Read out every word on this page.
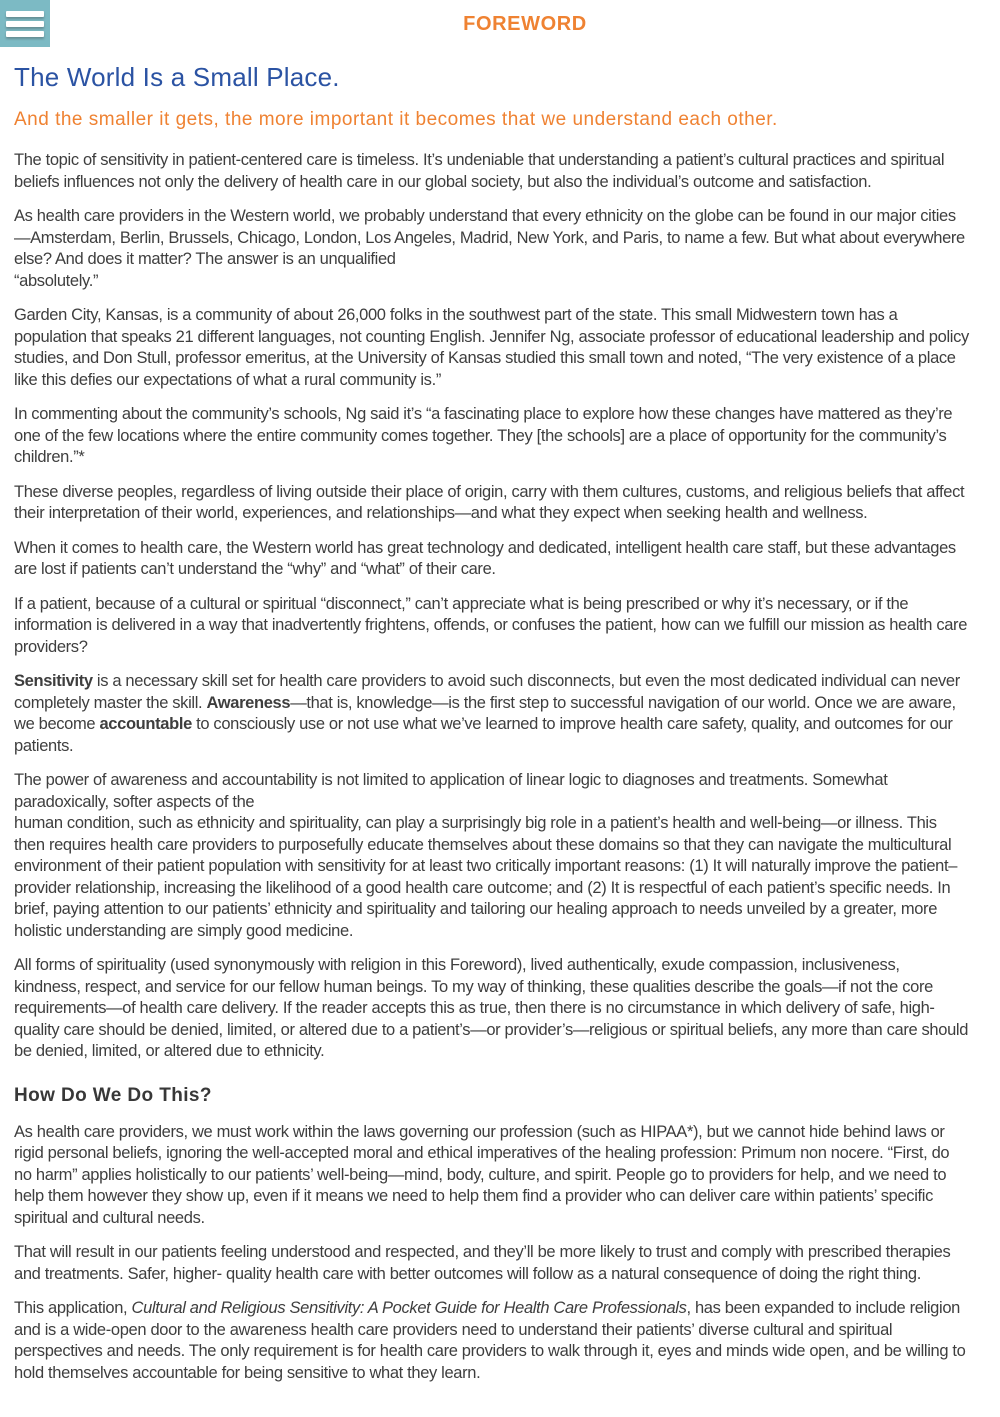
FOREWORD
The World Is a Small Place.
And the smaller it gets, the more important it becomes that we understand each other.

The topic of sensitivity in patient-centered care is timeless. It’s undeniable that understanding a patient’s cultural practices and spiritual beliefs influences not only the delivery of health care in our global society, but also the individual’s outcome and satisfaction.

As health care providers in the Western world, we probably understand that every ethnicity on the globe can be found in our major cities—Amsterdam, Berlin, Brussels, Chicago, London, Los Angeles, Madrid, New York, and Paris, to name a few. But what about everywhere else? And does it matter? The answer is an unqualified
“absolutely.”

Garden City, Kansas, is a community of about 26,000 folks in the southwest part of the state. This small Midwestern town has a population that speaks 21 different languages, not counting English. Jennifer Ng, associate professor of educational leadership and policy studies, and Don Stull, professor emeritus, at the University of Kansas studied this small town and noted, “The very existence of a place like this defies our expectations of what a rural community is.”

In commenting about the community’s schools, Ng said it’s “a fascinating place to explore how these changes have mattered as they’re one of the few locations where the entire community comes together. They [the schools] are a place of opportunity for the community’s children.”*

These diverse peoples, regardless of living outside their place of origin, carry with them cultures, customs, and religious beliefs that affect their interpretation of their world, experiences, and relationships—and what they expect when seeking health and wellness.

When it comes to health care, the Western world has great technology and dedicated, intelligent health care staff, but these advantages are lost if patients can’t understand the “why” and “what” of their care.

If a patient, because of a cultural or spiritual “disconnect,” can’t appreciate what is being prescribed or why it’s necessary, or if the information is delivered in a way that inadvertently frightens, offends, or confuses the patient, how can we fulfill our mission as health care providers?

Sensitivity is a necessary skill set for health care providers to avoid such disconnects, but even the most dedicated individual can never completely master the skill. Awareness—that is, knowledge—is the first step to successful navigation of our world. Once we are aware, we become accountable to consciously use or not use what we’ve learned to improve health care safety, quality, and outcomes for our patients.

The power of awareness and accountability is not limited to application of linear logic to diagnoses and treatments. Somewhat paradoxically, softer aspects of the
human condition, such as ethnicity and spirituality, can play a surprisingly big role in a patient’s health and well-being—or illness. This then requires health care providers to purposefully educate themselves about these domains so that they can navigate the multicultural environment of their patient population with sensitivity for at least two critically important reasons: (1) It will naturally improve the patient–provider relationship, increasing the likelihood of a good health care outcome; and (2) It is respectful of each patient’s specific needs. In brief, paying attention to our patients’ ethnicity and spirituality and tailoring our healing approach to needs unveiled by a greater, more holistic understanding are simply good medicine.

All forms of spirituality (used synonymously with religion in this Foreword), lived authentically, exude compassion, inclusiveness, kindness, respect, and service for our fellow human beings. To my way of thinking, these qualities describe the goals—if not the core requirements—of health care delivery. If the reader accepts this as true, then there is no circumstance in which delivery of safe, high-quality care should be denied, limited, or altered due to a patient’s—or provider’s—religious or spiritual beliefs, any more than care should be denied, limited, or altered due to ethnicity.

How Do We Do This?

As health care providers, we must work within the laws governing our profession (such as HIPAA*), but we cannot hide behind laws or rigid personal beliefs, ignoring the well-accepted moral and ethical imperatives of the healing profession: Primum non nocere. “First, do no harm” applies holistically to our patients’ well-being—mind, body, culture, and spirit. People go to providers for help, and we need to help them however they show up, even if it means we need to help them find a provider who can deliver care within patients’ specific spiritual and cultural needs.

That will result in our patients feeling understood and respected, and they’ll be more likely to trust and comply with prescribed therapies and treatments. Safer, higher- quality health care with better outcomes will follow as a natural consequence of doing the right thing.

This application, Cultural and Religious Sensitivity: A Pocket Guide for Health Care Professionals, has been expanded to include religion and is a wide-open door to the awareness health care providers need to understand their patients’ diverse cultural and spiritual perspectives and needs. The only requirement is for health care providers to walk through it, eyes and minds wide open, and be willing to hold themselves accountable for being sensitive to what they learn.
